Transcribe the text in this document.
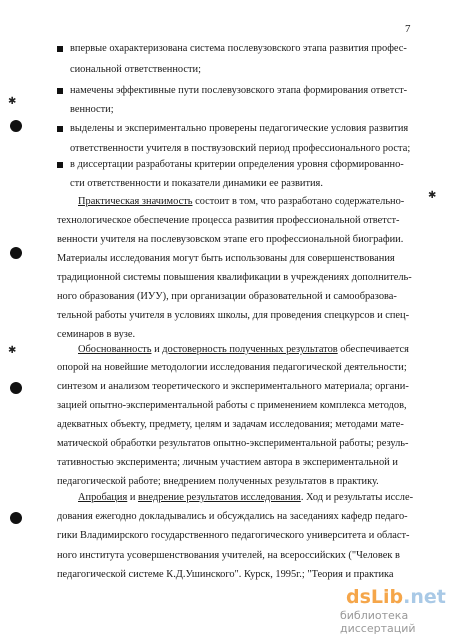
7
✱
✱
✱
впервые охарактеризована система послевузовского этапа развития профес-
сиональной ответственности;
намечены эффективные пути послевузовского этапа формирования ответст-
венности;
выделены и экспериментально проверены педагогические условия развития
ответственности учителя в поствузовский период профессионального роста;
в диссертации разработаны критерии определения уровня сформированно-
сти ответственности и показатели динамики ее развития.
Практическая значимость состоит в том, что разработано содержательно-
технологическое обеспечение процесса развития профессиональной ответст-
венности учителя на послевузовском этапе его профессиональной биографии.
Материалы исследования могут быть использованы для совершенствования
традиционной системы повышения квалификации в учреждениях дополнитель-
ного образования (ИУУ), при организации образовательной и самообразова-
тельной работы учителя в условиях школы, для проведения спецкурсов и спец-
семинаров в вузе.
Обоснованность и достоверность полученных результатов обеспечивается
опорой на новейшие методологии исследования педагогической деятельности;
синтезом и анализом теоретического и экспериментального материала; органи-
зацией опытно-экспериментальной работы с применением комплекса методов,
адекватных объекту, предмету, целям и задачам исследования; методами мате-
матической обработки результатов опытно-экспериментальной работы; резуль-
тативностью эксперимента; личным участием автора в экспериментальной и
педагогической работе; внедрением полученных результатов в практику.
Апробация и внедрение результатов исследования. Ход и результаты иссле-
дования ежегодно докладывались и обсуждались на заседаниях кафедр педаго-
гики Владимирского государственного педагогического университета и област-
ного института усовершенствования учителей, на всероссийских ("Человек в
педагогической системе К.Д.Ушинского". Курск, 1995г.; "Теория и практика
dsLib.net
библиотека диссертаций
